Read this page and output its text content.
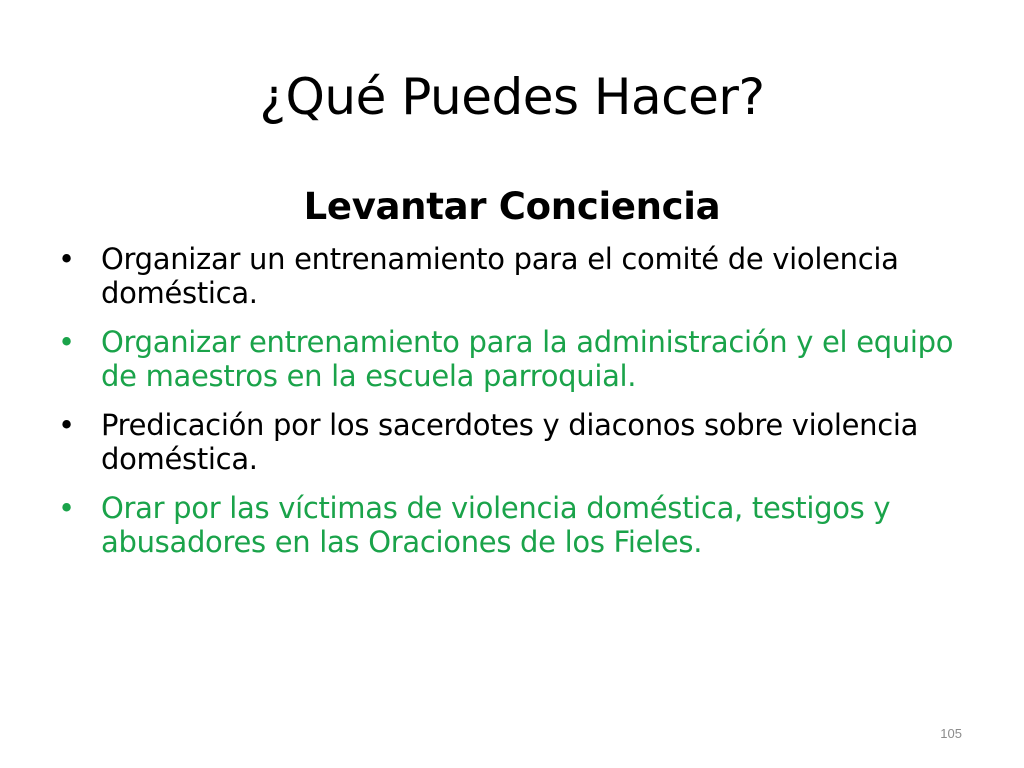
¿Qué Puedes Hacer?
Levantar Conciencia
• Organizar un entrenamiento para el comité de violencia doméstica.
• Organizar entrenamiento para la administración y el equipo de maestros en la escuela parroquial.
• Predicación por los sacerdotes y diaconos sobre violencia doméstica.
• Orar por las víctimas de violencia doméstica, testigos y abusadores en las Oraciones de los Fieles.
105
